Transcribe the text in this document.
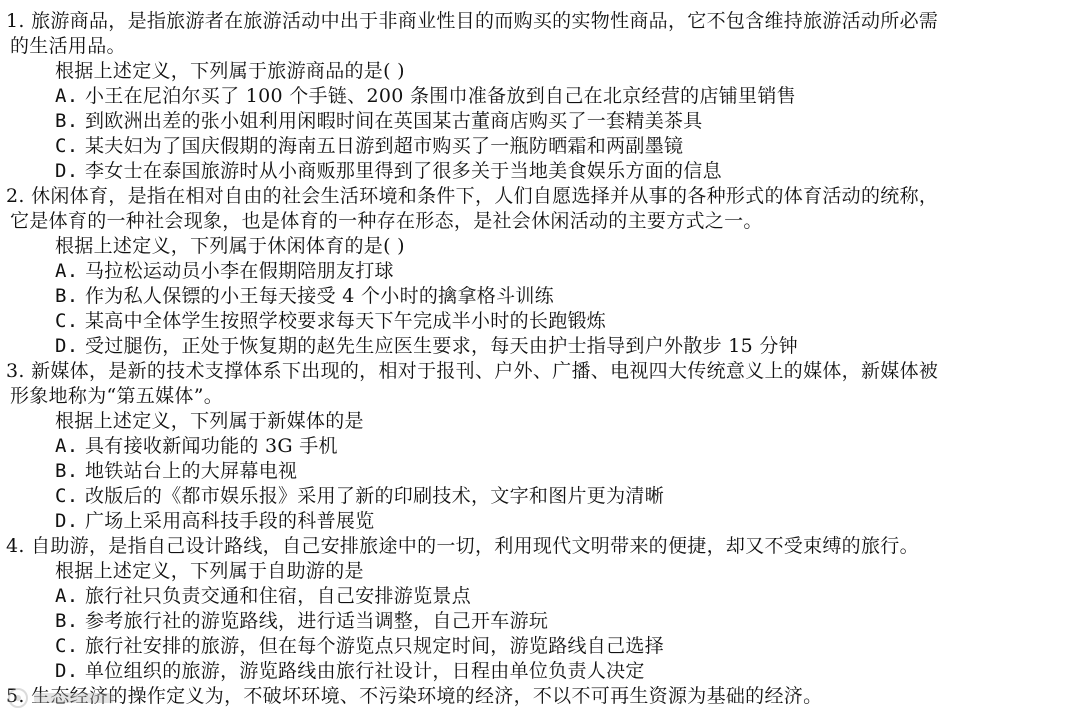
1. 旅游商品，是指旅游者在旅游活动中出于非商业性目的而购买的实物性商品，它不包含维持旅游活动所必需
的生活用品。
根据上述定义，下列属于旅游商品的是( )
A. 小王在尼泊尔买了 100 个手链、200 条围巾准备放到自己在北京经营的店铺里销售
B. 到欧洲出差的张小姐利用闲暇时间在英国某古董商店购买了一套精美茶具
C. 某夫妇为了国庆假期的海南五日游到超市购买了一瓶防晒霜和两副墨镜
D. 李女士在泰国旅游时从小商贩那里得到了很多关于当地美食娱乐方面的信息
2. 休闲体育，是指在相对自由的社会生活环境和条件下，人们自愿选择并从事的各种形式的体育活动的统称，
它是体育的一种社会现象，也是体育的一种存在形态，是社会休闲活动的主要方式之一。
根据上述定义，下列属于休闲体育的是( )
A. 马拉松运动员小李在假期陪朋友打球
B. 作为私人保镖的小王每天接受 4 个小时的擒拿格斗训练
C. 某高中全体学生按照学校要求每天下午完成半小时的长跑锻炼
D. 受过腿伤，正处于恢复期的赵先生应医生要求，每天由护士指导到户外散步 15 分钟
3. 新媒体，是新的技术支撑体系下出现的，相对于报刊、户外、广播、电视四大传统意义上的媒体，新媒体被
形象地称为“第五媒体”。
根据上述定义，下列属于新媒体的是
A. 具有接收新闻功能的 3G 手机
B. 地铁站台上的大屏幕电视
C. 改版后的《都市娱乐报》采用了新的印刷技术，文字和图片更为清晰
D. 广场上采用高科技手段的科普展览
4. 自助游，是指自己设计路线，自己安排旅途中的一切，利用现代文明带来的便捷，却又不受束缚的旅行。
根据上述定义，下列属于自助游的是
A. 旅行社只负责交通和住宿，自己安排游览景点
B. 参考旅行社的游览路线，进行适当调整，自己开车游玩
C. 旅行社安排的旅游，但在每个游览点只规定时间，游览路线自己选择
D. 单位组织的旅游，游览路线由旅行社设计，日程由单位负责人决定
5. 生态经济的操作定义为，不破坏环境、不污染环境的经济，不以不可再生资源为基础的经济。
